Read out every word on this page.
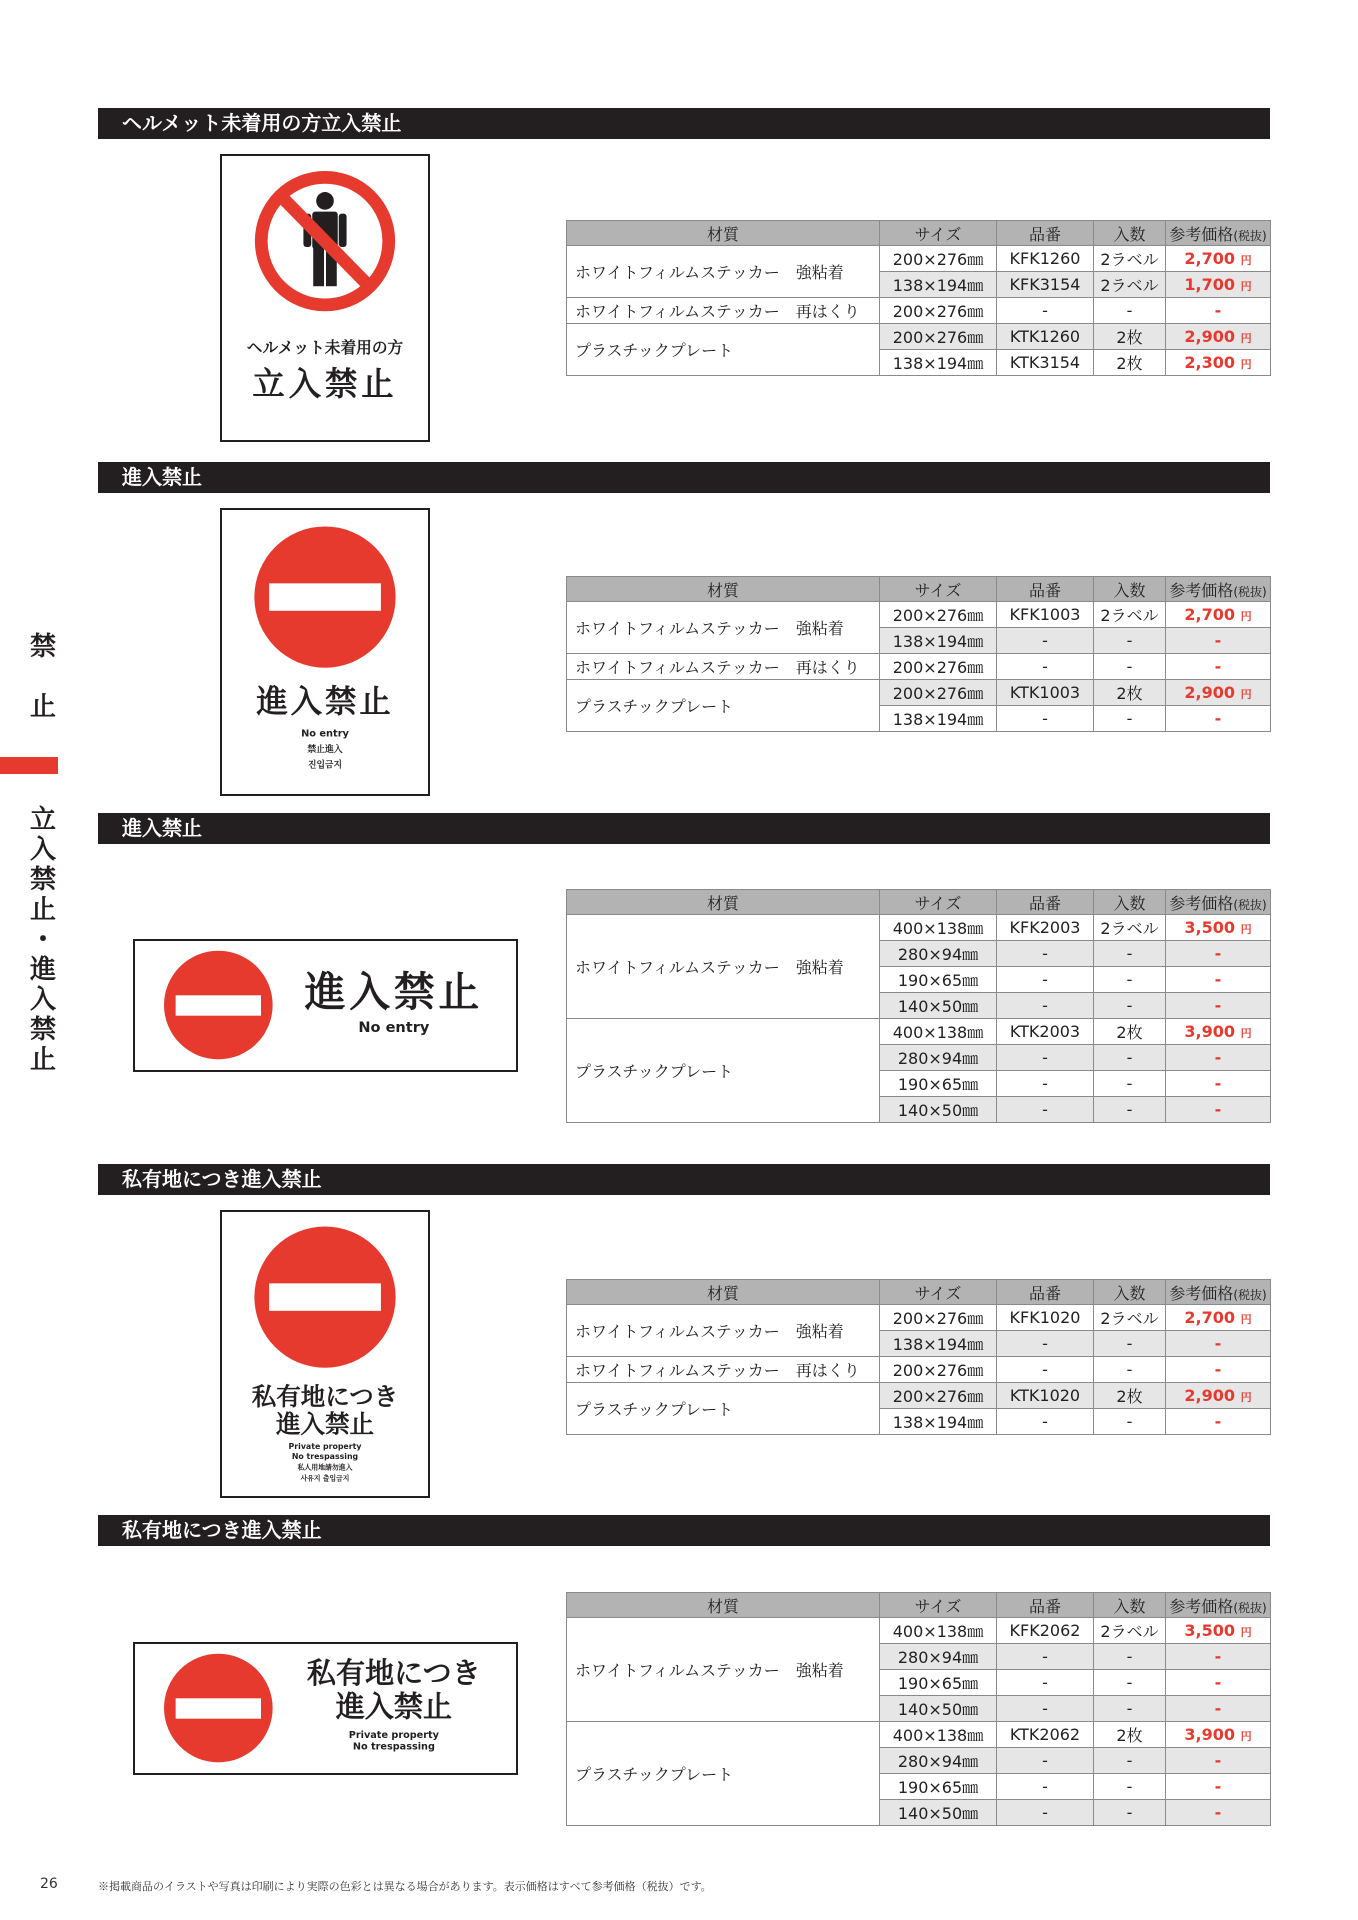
ヘルメット未着用の方立入禁止
進入禁止
進入禁止
私有地につき進入禁止
私有地につき進入禁止
ヘルメット未着用の方
立入禁止
進入禁止
No entry
禁止進入
진입금지
進入禁止
No entry
私有地につき
進入禁止
Private property
No trespassing
私人用地請勿進入
사유지 출입금지
私有地につき
進入禁止
Private property
No trespassing
材質	サイズ	品番	入数	参考価格(税抜)
ホワイトフィルムステッカー　強粘着	200×276㎜	KFK1260	2ラベル	2,700 円
	138×194㎜	KFK3154	2ラベル	1,700 円
ホワイトフィルムステッカー　再はくり	200×276㎜	-	-	-
プラスチックプレート	200×276㎜	KTK1260	2枚	2,900 円
	138×194㎜	KTK3154	2枚	2,300 円
材質	サイズ	品番	入数	参考価格(税抜)
ホワイトフィルムステッカー　強粘着	200×276㎜	KFK1003	2ラベル	2,700 円
	138×194㎜	-	-	-
ホワイトフィルムステッカー　再はくり	200×276㎜	-	-	-
プラスチックプレート	200×276㎜	KTK1003	2枚	2,900 円
	138×194㎜	-	-	-
材質	サイズ	品番	入数	参考価格(税抜)
ホワイトフィルムステッカー　強粘着	400×138㎜	KFK2003	2ラベル	3,500 円
	280×94㎜	-	-	-
	190×65㎜	-	-	-
	140×50㎜	-	-	-
プラスチックプレート	400×138㎜	KTK2003	2枚	3,900 円
	280×94㎜	-	-	-
	190×65㎜	-	-	-
	140×50㎜	-	-	-
材質	サイズ	品番	入数	参考価格(税抜)
ホワイトフィルムステッカー　強粘着	200×276㎜	KFK1020	2ラベル	2,700 円
	138×194㎜	-	-	-
ホワイトフィルムステッカー　再はくり	200×276㎜	-	-	-
プラスチックプレート	200×276㎜	KTK1020	2枚	2,900 円
	138×194㎜	-	-	-
材質	サイズ	品番	入数	参考価格(税抜)
ホワイトフィルムステッカー　強粘着	400×138㎜	KFK2062	2ラベル	3,500 円
	280×94㎜	-	-	-
	190×65㎜	-	-	-
	140×50㎜	-	-	-
プラスチックプレート	400×138㎜	KTK2062	2枚	3,900 円
	280×94㎜	-	-	-
	190×65㎜	-	-	-
	140×50㎜	-	-	-
禁
止
立
入
禁
止
・
進
入
禁
止
26	※掲載商品のイラストや写真は印刷により実際の色彩とは異なる場合があります。表示価格はすべて参考価格（税抜）です。
